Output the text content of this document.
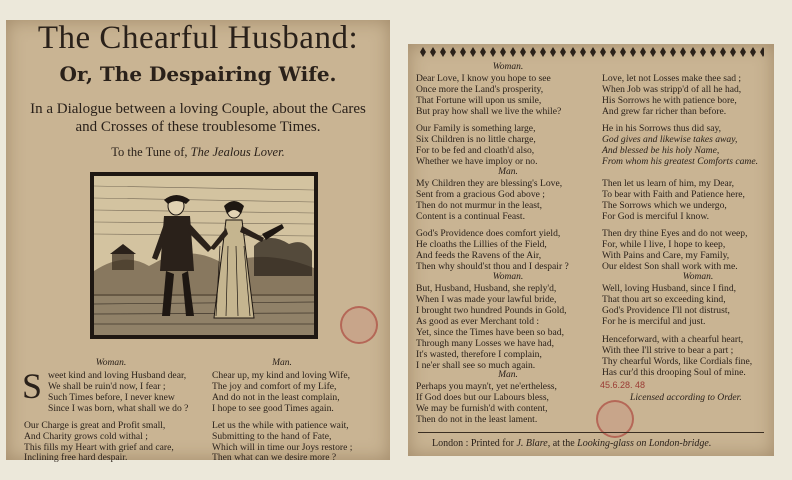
The Chearful Husband:
Or, The Despairing Wife.
In a Dialogue between a loving Couple, about the Cares
and Crosses of these troublesome Times.
To the Tune of, The Jealous Lover.
Woman.	Man.
S weet kind and loving Husband dear,
We shall be ruin'd now, I fear ;
Such Times before, I never knew
Since I was born, what shall we do ?
Our Charge is great and Profit small,
And Charity grows cold withal ;
This fills my Heart with grief and care,
Inclining free hard despair.
Chear up, my kind and loving Wife,
The joy and comfort of my Life,
And do not in the least complain,
I hope to see good Times again.
Let us the while with patience wait,
Submitting to the hand of Fate,
Which will in time our Joys restore ;
Then what can we desire more ?
Woman.
Dear Love, I know you hope to see
Once more the Land's prosperity,
That Fortune will upon us smile,
But pray how shall we live the while?
Our Family is something large,
Six Children is no little charge,
For to be fed and cloath'd also,
Whether we have imploy or no.
Man.
My Children they are blessing's Love,
Sent from a gracious God above ;
Then do not murmur in the least,
Content is a continual Feast.
God's Providence does comfort yield,
He cloaths the Lillies of the Field,
And feeds the Ravens of the Air,
Then why should'st thou and I despair ?
Woman.
But, Husband, Husband, she reply'd,
When I was made your lawful bride,
I brought two hundred Pounds in Gold,
As good as ever Merchant told :
Yet, since the Times have been so bad,
Through many Losses we have had,
It's wasted, therefore I complain,
I ne'er shall see so much again.
Man.
Perhaps you mayn't, yet ne'ertheless,
If God does but our Labours bless,
We may be furnish'd with content,
Then do not in the least lament.
Love, let not Losses make thee sad ;
When Job was stripp'd of all he had,
His Sorrows he with patience bore,
And grew far richer than before.
He in his Sorrows thus did say,
God gives and likewise takes away,
And blessed be his holy Name,
From whom his greatest Comforts came.
Then let us learn of him, my Dear,
To bear with Faith and Patience here,
The Sorrows which we undergo,
For God is merciful I know.
Then dry thine Eyes and do not weep,
For, while I live, I hope to keep,
With Pains and Care, my Family,
Our eldest Son shall work with me.
Woman.
Well, loving Husband, since I find,
That thou art so exceeding kind,
God's Providence I'll not distrust,
For he is merciful and just.
Henceforward, with a chearful heart,
With thee I'll strive to bear a part ;
Thy chearful Words, like Cordials fine,
Has cur'd this drooping Soul of mine.
45.6.28. 48
Licensed according to Order.
London : Printed for J. Blare, at the Looking-glass on London-bridge.
